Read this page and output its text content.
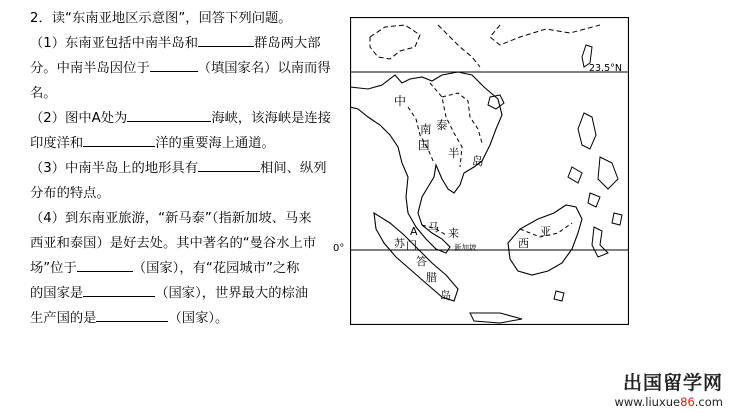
2．读“东南亚地区示意图”，回答下列问题。

（1）东南亚包括中南半岛和	群岛两大部

分。中南半岛因位于	（填国家名）以南而得

名。

（2）图中A处为	海峡，该海峡是连接

印度洋和	洋的重要海上通道。

（3）中南半岛上的地形具有	相间、纵列

分布的特点。

（4）到东南亚旅游，“新马泰”（指新加坡、马来

西亚和泰国）是好去处。其中著名的“曼谷水上市

场”位于	（国家），有“花园城市”之称

的国家是	（国家），世界最大的棕油

生产国的是	（国家）。

23.5°N
中
南 泰
国
半
岛
A 马 来
新加坡	西
亚
苏 门
答
腊
岛
0°
出国留学网
www.liuxue86.com
